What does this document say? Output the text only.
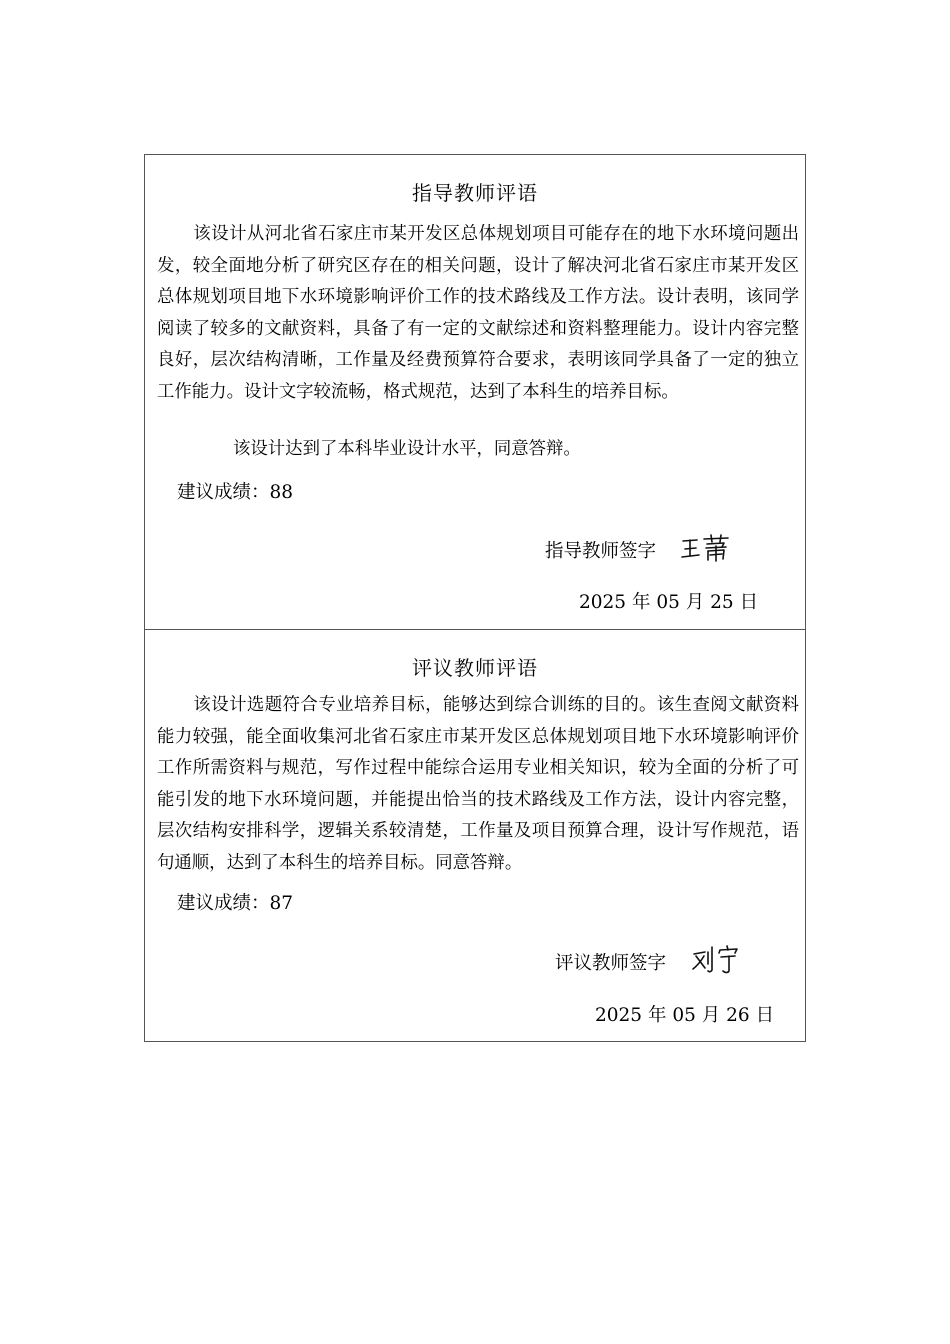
指导教师评语

该设计从河北省石家庄市某开发区总体规划项目可能存在的地下水环境问题出发，较全面地分析了研究区存在的相关问题，设计了解决河北省石家庄市某开发区总体规划项目地下水环境影响评价工作的技术路线及工作方法。设计表明，该同学阅读了较多的文献资料，具备了有一定的文献综述和资料整理能力。设计内容完整良好，层次结构清晰，工作量及经费预算符合要求，表明该同学具备了一定的独立工作能力。设计文字较流畅，格式规范，达到了本科生的培养目标。

该设计达到了本科毕业设计水平，同意答辩。

建议成绩：88
指导教师签字
2025 年 05 月 25 日
评议教师评语

该设计选题符合专业培养目标，能够达到综合训练的目的。该生查阅文献资料能力较强，能全面收集河北省石家庄市某开发区总体规划项目地下水环境影响评价工作所需资料与规范，写作过程中能综合运用专业相关知识，较为全面的分析了可能引发的地下水环境问题，并能提出恰当的技术路线及工作方法，设计内容完整，层次结构安排科学，逻辑关系较清楚，工作量及项目预算合理，设计写作规范，语句通顺，达到了本科生的培养目标。同意答辩。

建议成绩：87
评议教师签字
2025 年 05 月 26 日
